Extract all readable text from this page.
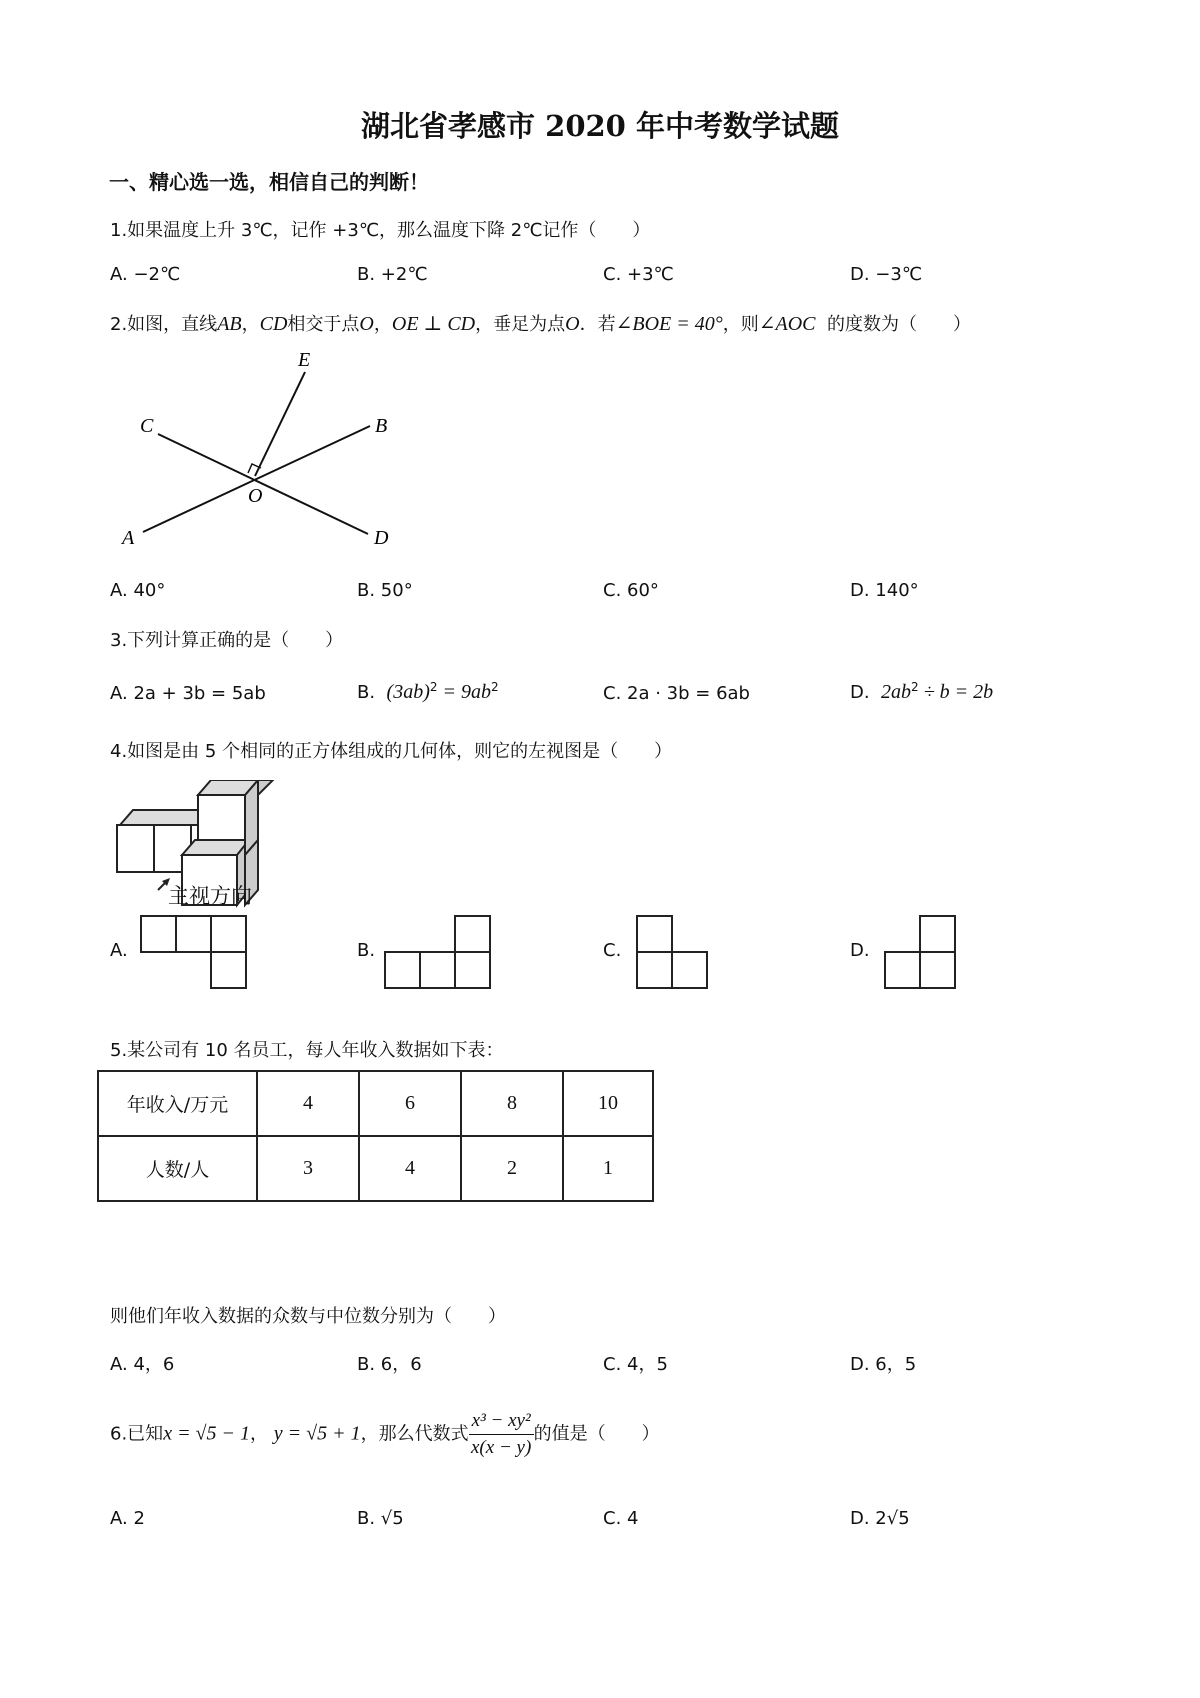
湖北省孝感市 2020 年中考数学试题
一、精心选一选，相信自己的判断！
1.如果温度上升 3℃，记作 +3℃，那么温度下降 2℃记作（　　）
A. −2℃	B. +2℃	C. +3℃	D. −3℃
2.如图，直线AB，CD相交于点O，OE ⊥ CD，垂足为点O．若∠BOE = 40°，则∠AOC 的度数为（　　）
E
C	B
O
A	D
A. 40°	B. 50°	C. 60°	D. 140°
3.下列计算正确的是（　　）
A. 2a + 3b = 5ab	B. $(3ab)^2 = 9ab^2$	C. 2a · 3b = 6ab	D. $2ab^2 \div b = 2b$
4.如图是由 5 个相同的正方体组成的几何体，则它的左视图是（　　）
主视方向
A.	B.	C.	D.
5.某公司有 10 名员工，每人年收入数据如下表：
年收入/万元	4	6	8	10
人数/人	3	4	2	1
则他们年收入数据的众数与中位数分别为（　　）
A. 4，6	B. 6，6	C. 4，5	D. 6，5
6.已知x = √5 − 1， y = √5 + 1，那么代数式 $\frac{\text{x³ − xy²}}{x(x - y)}$ 的值是（　　）
A. 2	B. √5	C. 4	D. 2√5
